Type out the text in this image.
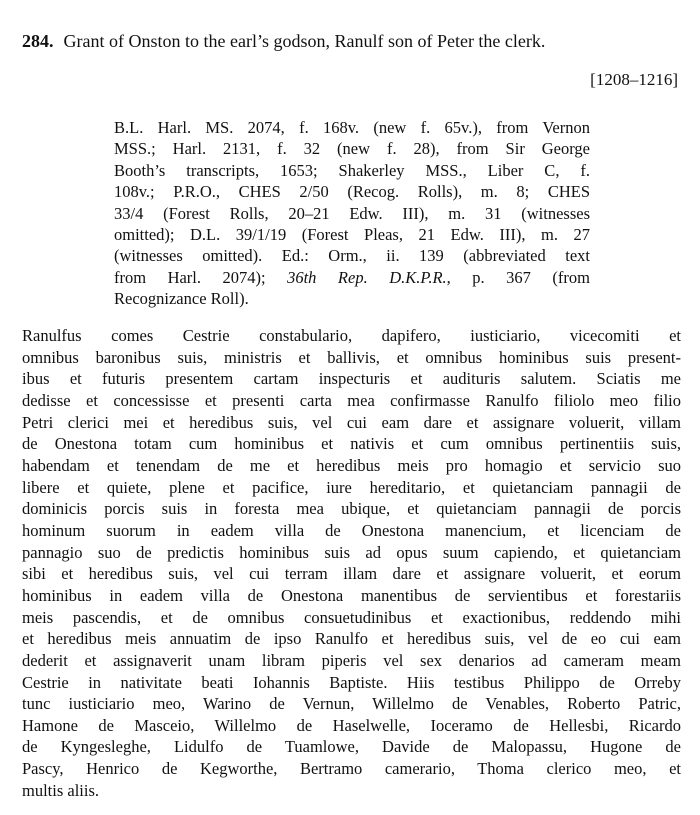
284. Grant of Onston to the earl’s godson, Ranulf son of Peter the clerk.
[1208–1216]
B.L. Harl. MS. 2074, f. 168v. (new f. 65v.), from Vernon
MSS.; Harl. 2131, f. 32 (new f. 28), from Sir George
Booth’s transcripts, 1653; Shakerley MSS., Liber C, f.
108v.; P.R.O., CHES 2/50 (Recog. Rolls), m. 8; CHES
33/4 (Forest Rolls, 20–21 Edw. III), m. 31 (witnesses
omitted); D.L. 39/1/19 (Forest Pleas, 21 Edw. III), m. 27
(witnesses omitted). Ed.: Orm., ii. 139 (abbreviated text
from Harl. 2074); 36th Rep. D.K.P.R., p. 367 (from
Recognizance Roll).
Ranulfus comes Cestrie constabulario, dapifero, iusticiario, vicecomiti et
omnibus baronibus suis, ministris et ballivis, et omnibus hominibus suis present-
ibus et futuris presentem cartam inspecturis et audituris salutem. Sciatis me
dedisse et concessisse et presenti carta mea confirmasse Ranulfo filiolo meo filio
Petri clerici mei et heredibus suis, vel cui eam dare et assignare voluerit, villam
de Onestona totam cum hominibus et nativis et cum omnibus pertinentiis suis,
habendam et tenendam de me et heredibus meis pro homagio et servicio suo
libere et quiete, plene et pacifice, iure hereditario, et quietanciam pannagii de
dominicis porcis suis in foresta mea ubique, et quietanciam pannagii de porcis
hominum suorum in eadem villa de Onestona manencium, et licenciam de
pannagio suo de predictis hominibus suis ad opus suum capiendo, et quietanciam
sibi et heredibus suis, vel cui terram illam dare et assignare voluerit, et eorum
hominibus in eadem villa de Onestona manentibus de servientibus et forestariis
meis pascendis, et de omnibus consuetudinibus et exactionibus, reddendo mihi
et heredibus meis annuatim de ipso Ranulfo et heredibus suis, vel de eo cui eam
dederit et assignaverit unam libram piperis vel sex denarios ad cameram meam
Cestrie in nativitate beati Iohannis Baptiste. Hiis testibus Philippo de Orreby
tunc iusticiario meo, Warino de Vernun, Willelmo de Venables, Roberto Patric,
Hamone de Masceio, Willelmo de Haselwelle, Ioceramo de Hellesbi, Ricardo
de Kyngesleghe, Lidulfo de Tuamlowe, Davide de Malopassu, Hugone de
Pascy, Henrico de Kegworthe, Bertramo camerario, Thoma clerico meo, et
multis aliis.
